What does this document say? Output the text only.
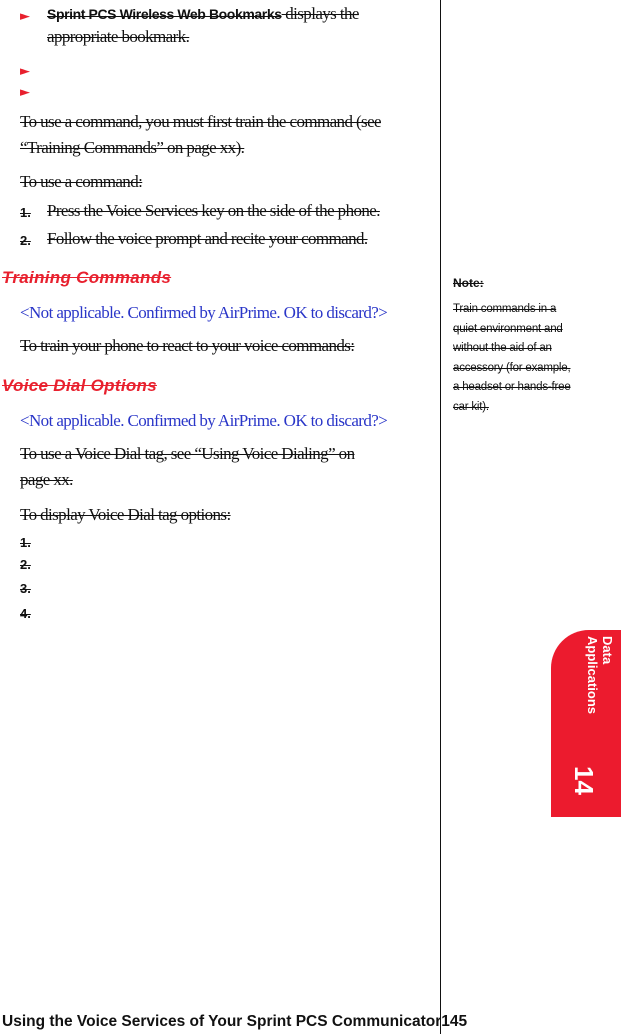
► Sprint PCS Wireless Web Bookmarks displays the
appropriate bookmark.
►
►
To use a command, you must first train the command (see
“Training Commands” on page xx).
To use a command:
1. Press the Voice Services key on the side of the phone.
2. Follow the voice prompt and recite your command.
Training Commands
<Not applicable. Confirmed by AirPrime. OK to discard?>
To train your phone to react to your voice commands:
Voice Dial Options
<Not applicable. Confirmed by AirPrime. OK to discard?>
To use a Voice Dial tag, see “Using Voice Dialing” on
page xx.
To display Voice Dial tag options:
1.
2.
3.
4.
Note:
Train commands in a
quiet environment and
without the aid of an
accessory (for example,
a headset or hands-free
car kit).
Data
Applications
14
Using the Voice Services of Your Sprint PCS Communicator145
